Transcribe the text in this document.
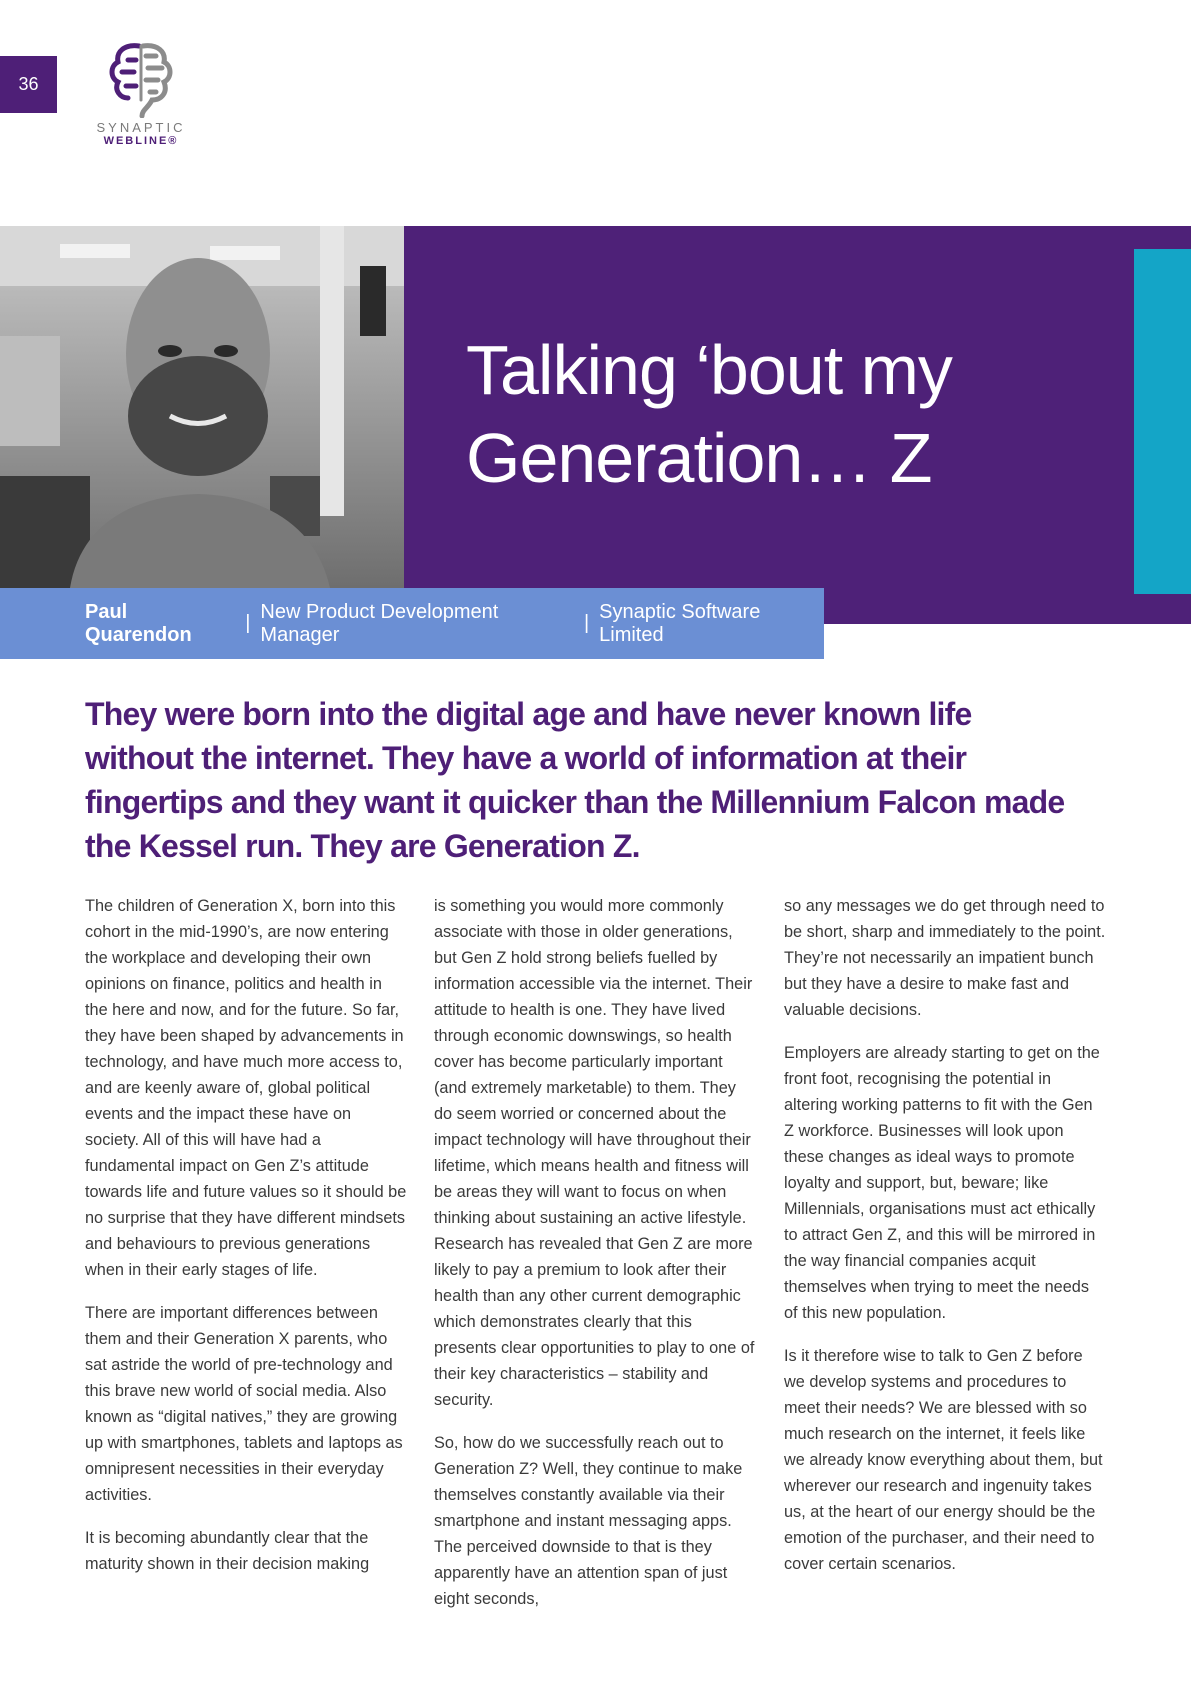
36
SYNAPTIC
WEBLINE®
Talking ‘bout my
Generation… Z
Paul Quarendon
|
New Product Development Manager
|
Synaptic Software Limited

They were born into the digital age and have never known life without the internet. They have a world of information at their fingertips and they want it quicker than the Millennium Falcon made the Kessel run. They are Generation Z.

The children of Generation X, born into this cohort in the mid-1990’s, are now entering the workplace and developing their own opinions on finance, politics and health in the here and now, and for the future. So far, they have been shaped by advancements in technology, and have much more access to, and are keenly aware of, global political events and the impact these have on society. All of this will have had a fundamental impact on Gen Z’s attitude towards life and future values so it should be no surprise that they have different mindsets and behaviours to previous generations when in their early stages of life.

There are important differences between them and their Generation X parents, who sat astride the world of pre-technology and this brave new world of social media. Also known as “digital natives,” they are growing up with smartphones, tablets and laptops as omnipresent necessities in their everyday activities.

It is becoming abundantly clear that the maturity shown in their decision making

is something you would more commonly associate with those in older generations, but Gen Z hold strong beliefs fuelled by information accessible via the internet. Their attitude to health is one. They have lived through economic downswings, so health cover has become particularly important (and extremely marketable) to them. They do seem worried or concerned about the impact technology will have throughout their lifetime, which means health and fitness will be areas they will want to focus on when thinking about sustaining an active lifestyle. Research has revealed that Gen Z are more likely to pay a premium to look after their health than any other current demographic which demonstrates clearly that this presents clear opportunities to play to one of their key characteristics – stability and security.

So, how do we successfully reach out to Generation Z? Well, they continue to make themselves constantly available via their smartphone and instant messaging apps. The perceived downside to that is they apparently have an attention span of just eight seconds,

so any messages we do get through need to be short, sharp and immediately to the point. They’re not necessarily an impatient bunch but they have a desire to make fast and valuable decisions.

Employers are already starting to get on the front foot, recognising the potential in altering working patterns to fit with the Gen Z workforce. Businesses will look upon these changes as ideal ways to promote loyalty and support, but, beware; like Millennials, organisations must act ethically to attract Gen Z, and this will be mirrored in the way financial companies acquit themselves when trying to meet the needs of this new population.

Is it therefore wise to talk to Gen Z before we develop systems and procedures to meet their needs? We are blessed with so much research on the internet, it feels like we already know everything about them, but wherever our research and ingenuity takes us, at the heart of our energy should be the emotion of the purchaser, and their need to cover certain scenarios.
